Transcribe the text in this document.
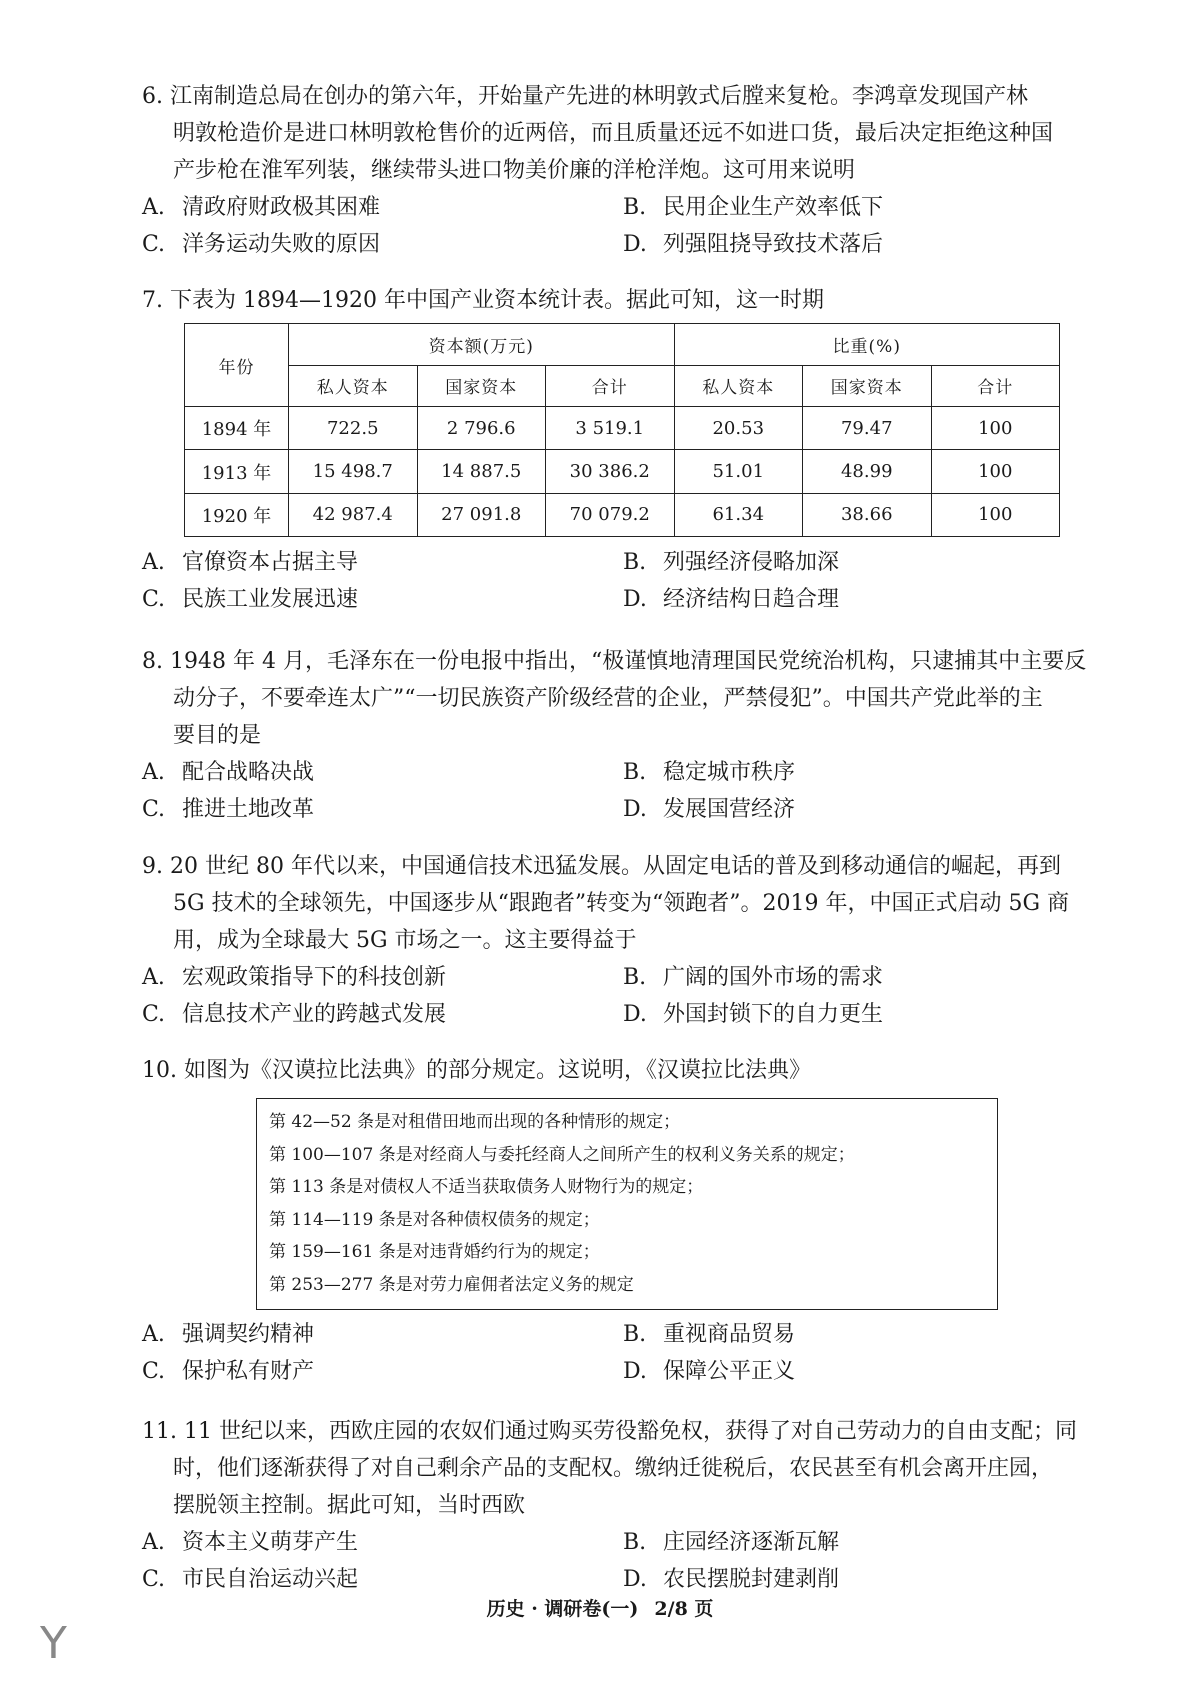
6. 江南制造总局在创办的第六年，开始量产先进的林明敦式后膛来复枪。李鸿章发现国产林
明敦枪造价是进口林明敦枪售价的近两倍，而且质量还远不如进口货，最后决定拒绝这种国
产步枪在淮军列装，继续带头进口物美价廉的洋枪洋炮。这可用来说明
A. 清政府财政极其困难	B. 民用企业生产效率低下
C. 洋务运动失败的原因	D. 列强阻挠导致技术落后
7. 下表为 1894—1920 年中国产业资本统计表。据此可知，这一时期
年份	资本额(万元)			比重(%)		
	私人资本	国家资本	合计	私人资本	国家资本	合计
1894 年	722.5	2 796.6	3 519.1	20.53	79.47	100
1913 年	15 498.7	14 887.5	30 386.2	51.01	48.99	100
1920 年	42 987.4	27 091.8	70 079.2	61.34	38.66	100
A. 官僚资本占据主导	B. 列强经济侵略加深
C. 民族工业发展迅速	D. 经济结构日趋合理
8. 1948 年 4 月，毛泽东在一份电报中指出，“极谨慎地清理国民党统治机构，只逮捕其中主要反
动分子，不要牵连太广”“一切民族资产阶级经营的企业，严禁侵犯”。中国共产党此举的主
要目的是
A. 配合战略决战	B. 稳定城市秩序
C. 推进土地改革	D. 发展国营经济
9. 20 世纪 80 年代以来，中国通信技术迅猛发展。从固定电话的普及到移动通信的崛起，再到
5G 技术的全球领先，中国逐步从“跟跑者”转变为“领跑者”。2019 年，中国正式启动 5G 商
用，成为全球最大 5G 市场之一。这主要得益于
A. 宏观政策指导下的科技创新	B. 广阔的国外市场的需求
C. 信息技术产业的跨越式发展	D. 外国封锁下的自力更生
10. 如图为《汉谟拉比法典》的部分规定。这说明，《汉谟拉比法典》
第 42—52 条是对租借田地而出现的各种情形的规定；
第 100—107 条是对经商人与委托经商人之间所产生的权利义务关系的规定；
第 113 条是对债权人不适当获取债务人财物行为的规定；
第 114—119 条是对各种债权债务的规定；
第 159—161 条是对违背婚约行为的规定；
第 253—277 条是对劳力雇佣者法定义务的规定
A. 强调契约精神	B. 重视商品贸易
C. 保护私有财产	D. 保障公平正义
11. 11 世纪以来，西欧庄园的农奴们通过购买劳役豁免权，获得了对自己劳动力的自由支配；同
时，他们逐渐获得了对自己剩余产品的支配权。缴纳迁徙税后，农民甚至有机会离开庄园，
摆脱领主控制。据此可知，当时西欧
A. 资本主义萌芽产生	B. 庄园经济逐渐瓦解
C. 市民自治运动兴起	D. 农民摆脱封建剥削
历史 · 调研卷(一) 2/8 页
Y
